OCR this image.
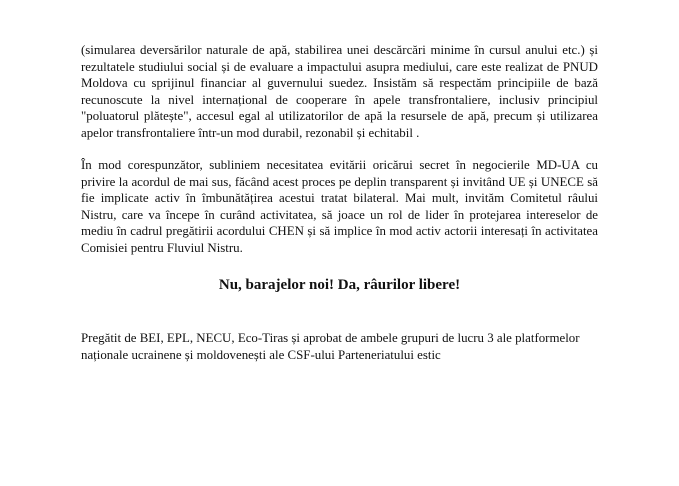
(simularea deversărilor naturale de apă, stabilirea unei descărcări minime în cursul anului etc.) și rezultatele studiului social și de evaluare a impactului asupra mediului, care este realizat de PNUD Moldova cu sprijinul financiar al guvernului suedez. Insistăm să respectăm principiile de bază recunoscute la nivel internațional de cooperare în apele transfrontaliere, inclusiv principiul "poluatorul plătește", accesul egal al utilizatorilor de apă la resursele de apă, precum și utilizarea apelor transfrontaliere într-un mod durabil, rezonabil și echitabil .

În mod corespunzător, subliniem necesitatea evitării oricărui secret în negocierile MD-UA cu privire la acordul de mai sus, făcând acest proces pe deplin transparent și invitând UE și UNECE să fie implicate activ în îmbunătățirea acestui tratat bilateral. Mai mult, invităm Comitetul râului Nistru, care va începe în curând activitatea, să joace un rol de lider în protejarea intereselor de mediu în cadrul pregătirii acordului CHEN și să implice în mod activ actorii interesați în activitatea Comisiei pentru Fluviul Nistru.

Nu, barajelor noi! Da, râurilor libere!

Pregătit de BEI, EPL, NECU, Eco-Tiras și aprobat de ambele grupuri de lucru 3 ale platformelor naționale ucrainene și moldovenești ale CSF-ului Parteneriatului estic
